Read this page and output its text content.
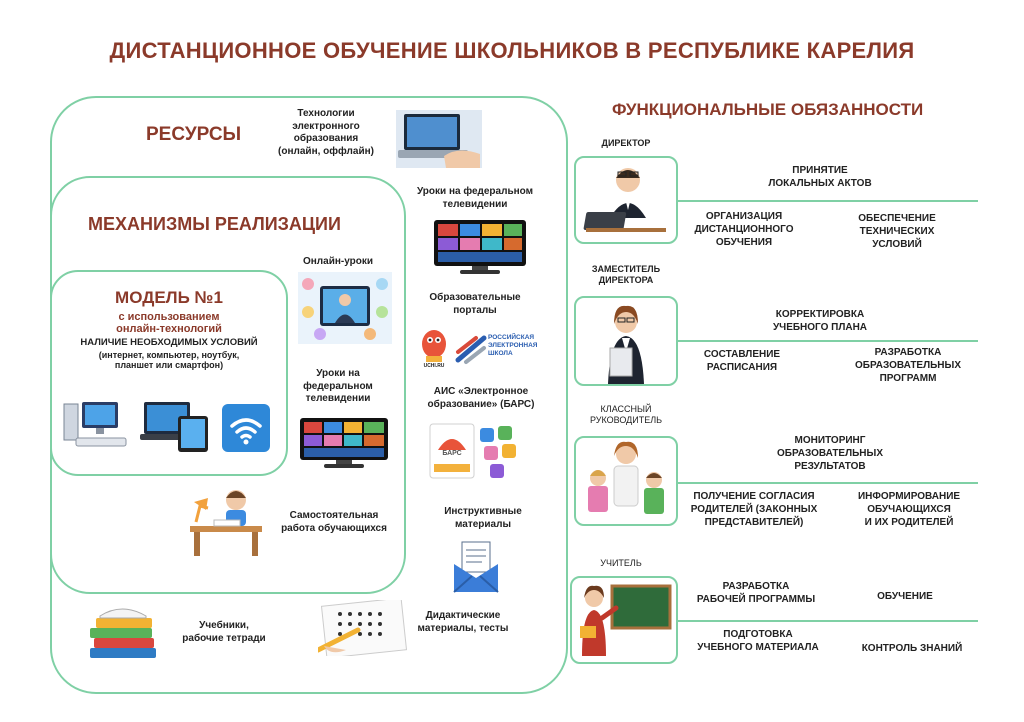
ДИСТАНЦИОННОЕ ОБУЧЕНИЕ ШКОЛЬНИКОВ В РЕСПУБЛИКЕ КАРЕЛИЯ
РЕСУРСЫ
МЕХАНИЗМЫ РЕАЛИЗАЦИИ
МОДЕЛЬ №1
с использованием
онлайн-технологий
НАЛИЧИЕ НЕОБХОДИМЫХ УСЛОВИЙ
(интернет, компьютер, ноутбук,
планшет или смартфон)
Технологии
электронного
образования
(онлайн, оффлайн)
Уроки на федеральном
телевидении
Онлайн-уроки
Образовательные
порталы
UCHI.RU
РОССИЙСКАЯ
ЭЛЕКТРОННАЯ
ШКОЛА
Уроки на
федеральном
телевидении
АИС «Электронное
образование» (БАРС)
БАРС
Самостоятельная
работа обучающихся
Инструктивные
материалы
Учебники,
рабочие тетради
Дидактические
материалы, тесты
ФУНКЦИОНАЛЬНЫЕ ОБЯЗАННОСТИ
ДИРЕКТОР
ПРИНЯТИЕ
ЛОКАЛЬНЫХ АКТОВ
ОРГАНИЗАЦИЯ
ДИСТАНЦИОННОГО
ОБУЧЕНИЯ
ОБЕСПЕЧЕНИЕ
ТЕХНИЧЕСКИХ
УСЛОВИЙ
ЗАМЕСТИТЕЛЬ
ДИРЕКТОРА
КОРРЕКТИРОВКА
УЧЕБНОГО ПЛАНА
СОСТАВЛЕНИЕ
РАСПИСАНИЯ
РАЗРАБОТКА
ОБРАЗОВАТЕЛЬНЫХ
ПРОГРАММ
КЛАССНЫЙ
РУКОВОДИТЕЛЬ
МОНИТОРИНГ
ОБРАЗОВАТЕЛЬНЫХ
РЕЗУЛЬТАТОВ
ПОЛУЧЕНИЕ СОГЛАСИЯ
РОДИТЕЛЕЙ (ЗАКОННЫХ
ПРЕДСТАВИТЕЛЕЙ)
ИНФОРМИРОВАНИЕ
ОБУЧАЮЩИХСЯ
И ИХ РОДИТЕЛЕЙ
УЧИТЕЛЬ
РАЗРАБОТКА
РАБОЧЕЙ ПРОГРАММЫ	ОБУЧЕНИЕ
ПОДГОТОВКА
УЧЕБНОГО МАТЕРИАЛА	КОНТРОЛЬ ЗНАНИЙ
